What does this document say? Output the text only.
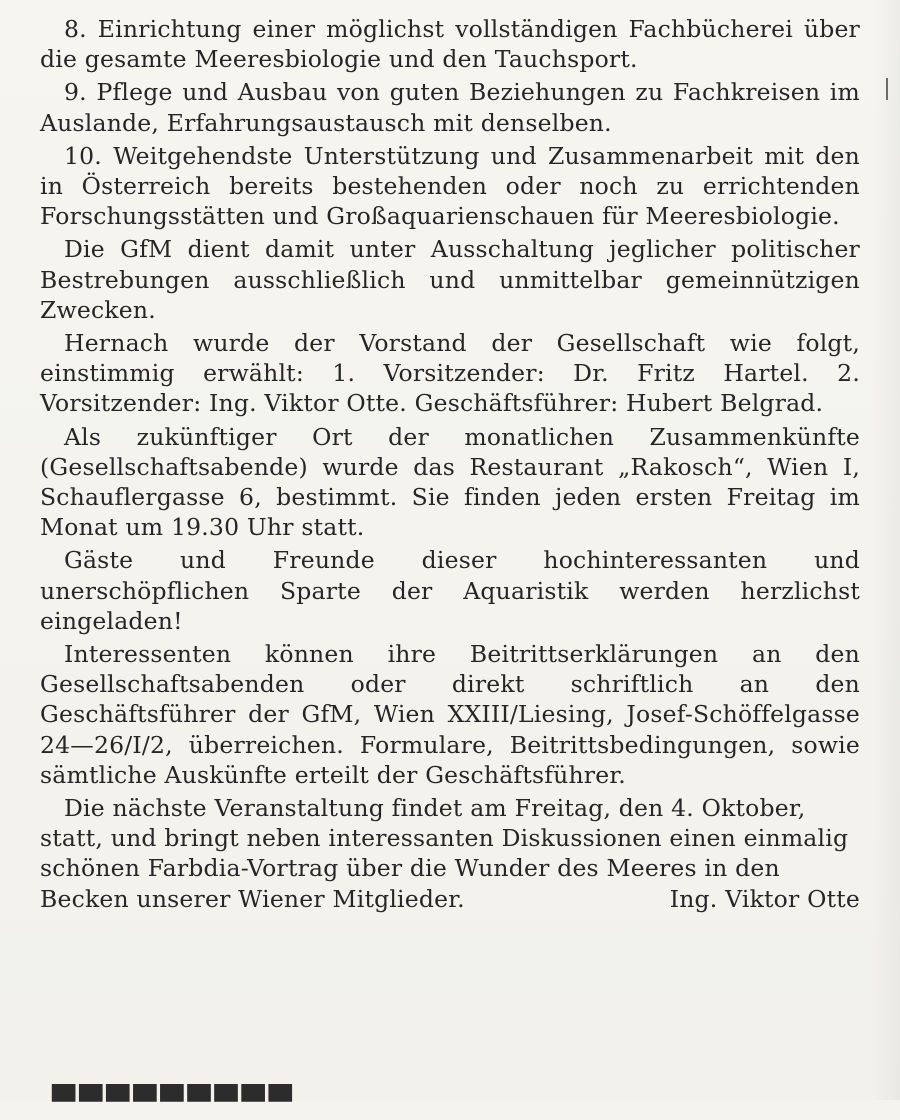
8. Einrichtung einer möglichst vollständigen Fachbücherei über die gesamte Meeresbiologie und den Tauchsport.

9. Pflege und Ausbau von guten Beziehungen zu Fachkreisen im Auslande, Erfahrungsaustausch mit denselben.

10. Weitgehendste Unterstützung und Zusammenarbeit mit den in Österreich bereits bestehenden oder noch zu errichtenden Forschungsstätten und Großaquarienschauen für Meeresbiologie.

Die GfM dient damit unter Ausschaltung jeglicher politischer Bestrebungen ausschließlich und unmittelbar gemeinnützigen Zwecken.

Hernach wurde der Vorstand der Gesellschaft wie folgt, einstimmig erwählt: 1. Vorsitzender: Dr. Fritz Hartel. 2. Vorsitzender: Ing. Viktor Otte. Geschäftsführer: Hubert Belgrad.

Als zukünftiger Ort der monatlichen Zusammenkünfte (Gesellschaftsabende) wurde das Restaurant „Rakosch“, Wien I, Schauflergasse 6, bestimmt. Sie finden jeden ersten Freitag im Monat um 19.30 Uhr statt.

Gäste und Freunde dieser hochinteressanten und unerschöpflichen Sparte der Aquaristik werden herzlichst eingeladen!

Interessenten können ihre Beitrittserklärungen an den Gesellschaftsabenden oder direkt schriftlich an den Geschäftsführer der GfM, Wien XXIII/Liesing, Josef-Schöffelgasse 24—26/I/2, überreichen. Formulare, Beitrittsbedingungen, sowie sämtliche Auskünfte erteilt der Geschäftsführer.

Die nächste Veranstaltung findet am Freitag, den 4. Oktober, statt, und bringt neben interessanten Diskussionen einen einmalig schönen Farbdia-Vortrag über die Wunder des Meeres in den Becken unserer Wiener Mitglieder.	Ing. Viktor Otte

▀▀▀▀▀▀▀▀▀
